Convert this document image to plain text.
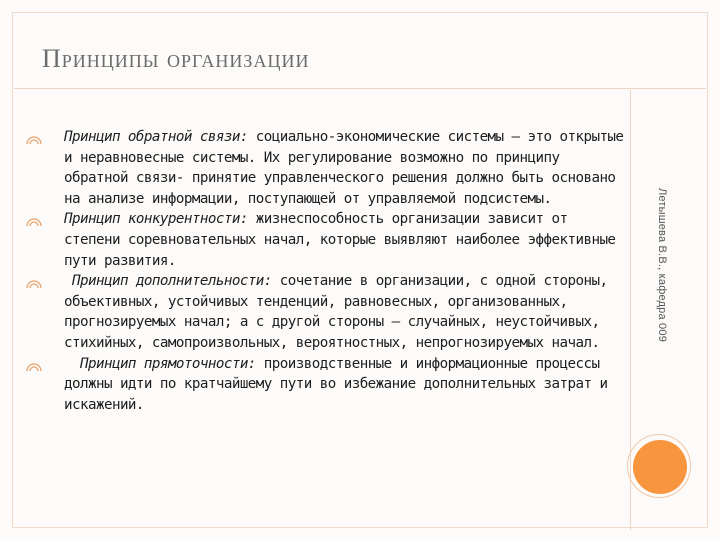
Принципы организации
Летышева В.В., кафедра 009

Принцип обратной связи: социально-экономические системы – это открытые и неравновесные системы. Их регулирование возможно по принципу обратной связи- принятие управленческого решения должно быть основано на анализе информации, поступающей от управляемой подсистемы.

Принцип конкурентности: жизнеспособность организации зависит от степени соревновательных начал, которые выявляют наиболее эффективные пути развития.

Принцип дополнительности: сочетание в организации, с одной стороны, объективных, устойчивых тенденций, равновесных, организованных, прогнозируемых начал; а с другой стороны – случайных, неустойчивых, стихийных, самопроизвольных, вероятностных, непрогнозируемых начал.

Принцип прямоточности: производственные и информационные процессы должны идти по кратчайшему пути во избежание дополнительных затрат и искажений.
